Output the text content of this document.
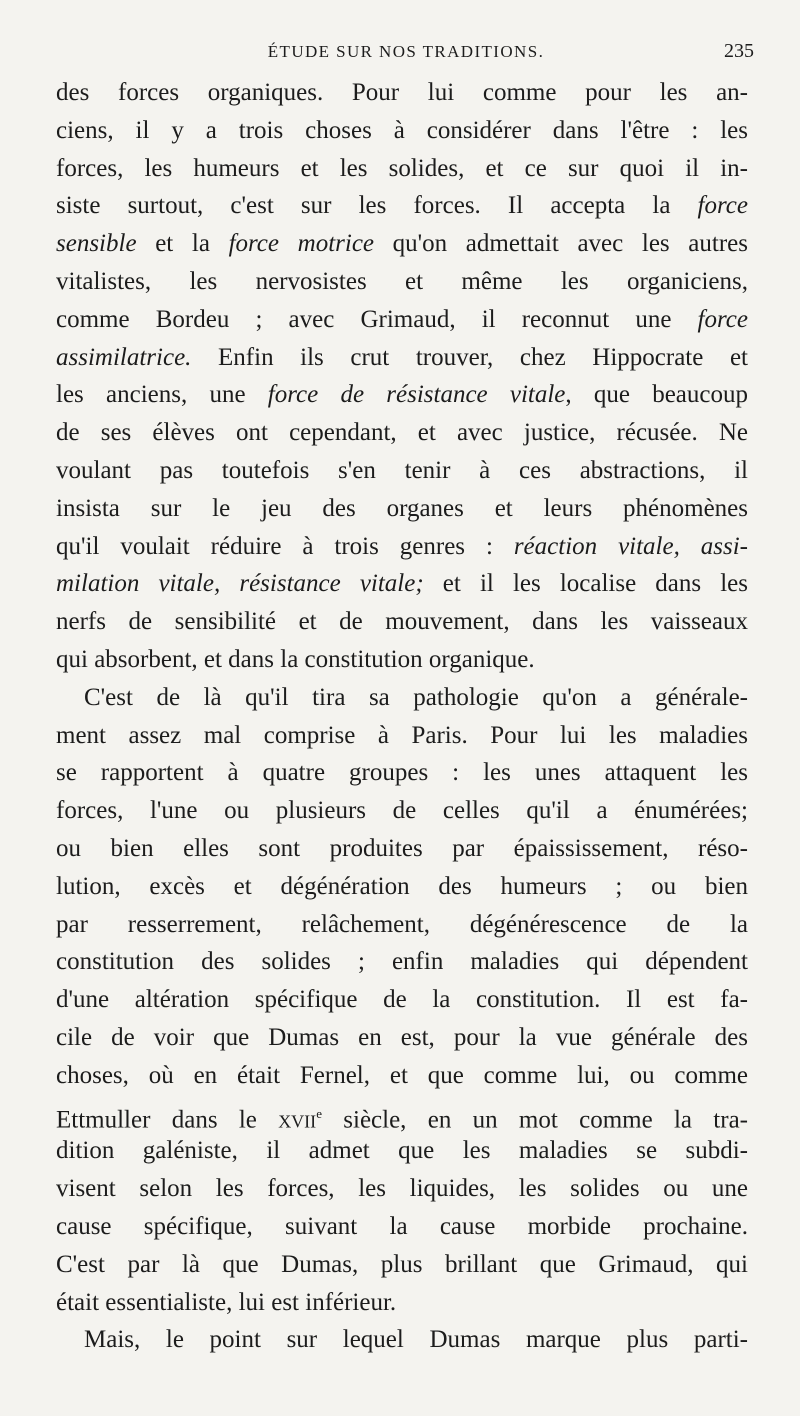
ÉTUDE SUR NOS TRADITIONS.	235
des forces organiques. Pour lui comme pour les an-
ciens, il y a trois choses à considérer dans l'être : les
forces, les humeurs et les solides, et ce sur quoi il in-
siste surtout, c'est sur les forces. Il accepta la force
sensible et la force motrice qu'on admettait avec les autres
vitalistes, les nervosistes et même les organiciens,
comme Bordeu ; avec Grimaud, il reconnut une force
assimilatrice. Enfin ils crut trouver, chez Hippocrate et
les anciens, une force de résistance vitale, que beaucoup
de ses élèves ont cependant, et avec justice, récusée. Ne
voulant pas toutefois s'en tenir à ces abstractions, il
insista sur le jeu des organes et leurs phénomènes
qu'il voulait réduire à trois genres : réaction vitale, assi-
milation vitale, résistance vitale; et il les localise dans les
nerfs de sensibilité et de mouvement, dans les vaisseaux
qui absorbent, et dans la constitution organique.
C'est de là qu'il tira sa pathologie qu'on a générale-
ment assez mal comprise à Paris. Pour lui les maladies
se rapportent à quatre groupes : les unes attaquent les
forces, l'une ou plusieurs de celles qu'il a énumérées;
ou bien elles sont produites par épaississement, réso-
lution, excès et dégénération des humeurs ; ou bien
par resserrement, relâchement, dégénérescence de la
constitution des solides ; enfin maladies qui dépendent
d'une altération spécifique de la constitution. Il est fa-
cile de voir que Dumas en est, pour la vue générale des
choses, où en était Fernel, et que comme lui, ou comme
Ettmuller dans le xvii$^e$ siècle, en un mot comme la tra-
dition galéniste, il admet que les maladies se subdi-
visent selon les forces, les liquides, les solides ou une
cause spécifique, suivant la cause morbide prochaine.
C'est par là que Dumas, plus brillant que Grimaud, qui
était essentialiste, lui est inférieur.
Mais, le point sur lequel Dumas marque plus parti-
